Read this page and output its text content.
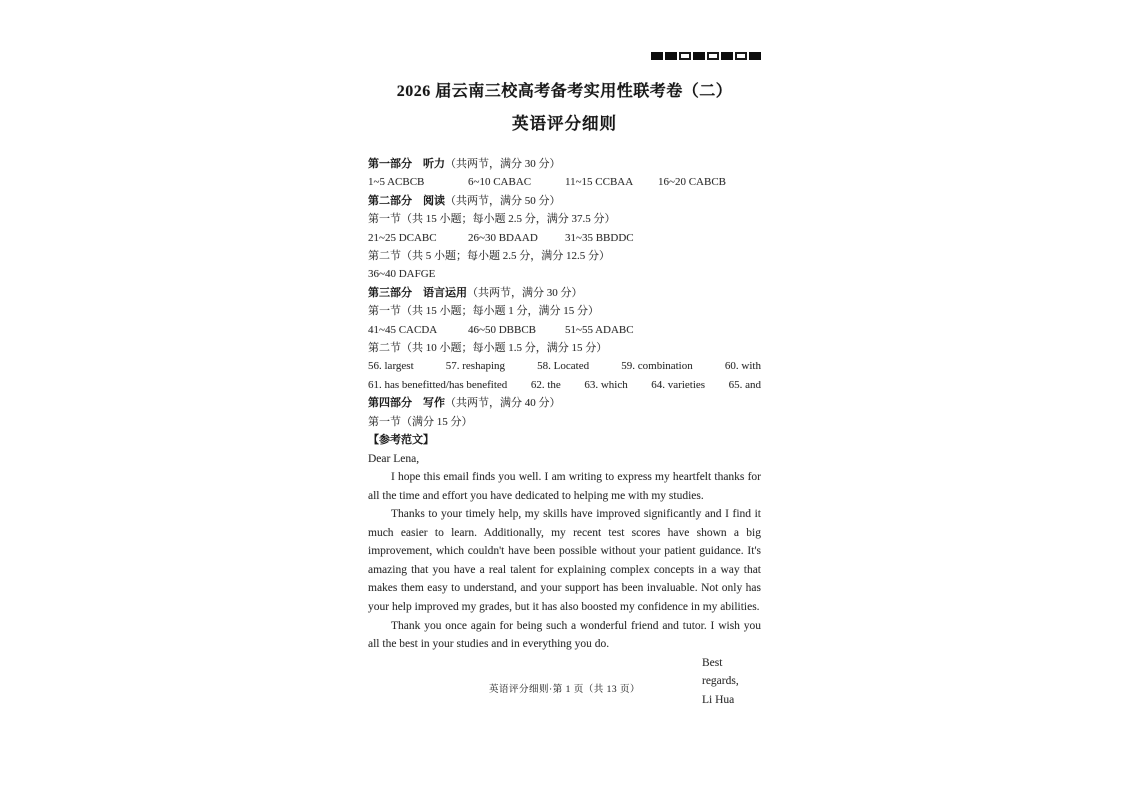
2026 届云南三校高考备考实用性联考卷（二）
英语评分细则
第一部分　听力（共两节，满分 30 分）
1~5 ACBCB	6~10 CABAC	11~15 CCBAA	16~20 CABCB
第二部分　阅读（共两节，满分 50 分）
第一节（共 15 小题；每小题 2.5 分，满分 37.5 分）
21~25 DCABC	26~30 BDAAD	31~35 BBDDC
第二节（共 5 小题；每小题 2.5 分，满分 12.5 分）
36~40 DAFGE
第三部分　语言运用（共两节，满分 30 分）
第一节（共 15 小题；每小题 1 分，满分 15 分）
41~45 CACDA	46~50 DBBCB	51~55 ADABC
第二节（共 10 小题；每小题 1.5 分，满分 15 分）
56. largest	57. reshaping	58. Located	59. combination	60. with
61. has benefitted/has benefited 62. the 63. which 64. varieties 65. and
第四部分　写作（共两节，满分 40 分）
第一节（满分 15 分）
【参考范文】
Dear Lena,

I hope this email finds you well. I am writing to express my heartfelt thanks for all the time and effort you have dedicated to helping me with my studies.

Thanks to your timely help, my skills have improved significantly and I find it much easier to learn. Additionally, my recent test scores have shown a big improvement, which couldn't have been possible without your patient guidance. It's amazing that you have a real talent for explaining complex concepts in a way that makes them easy to understand, and your support has been invaluable. Not only has your help improved my grades, but it has also boosted my confidence in my abilities.

Thank you once again for being such a wonderful friend and tutor. I wish you all the best in your studies and in everything you do.

Best regards,
Li Hua
英语评分细则·第 1 页（共 13 页）
